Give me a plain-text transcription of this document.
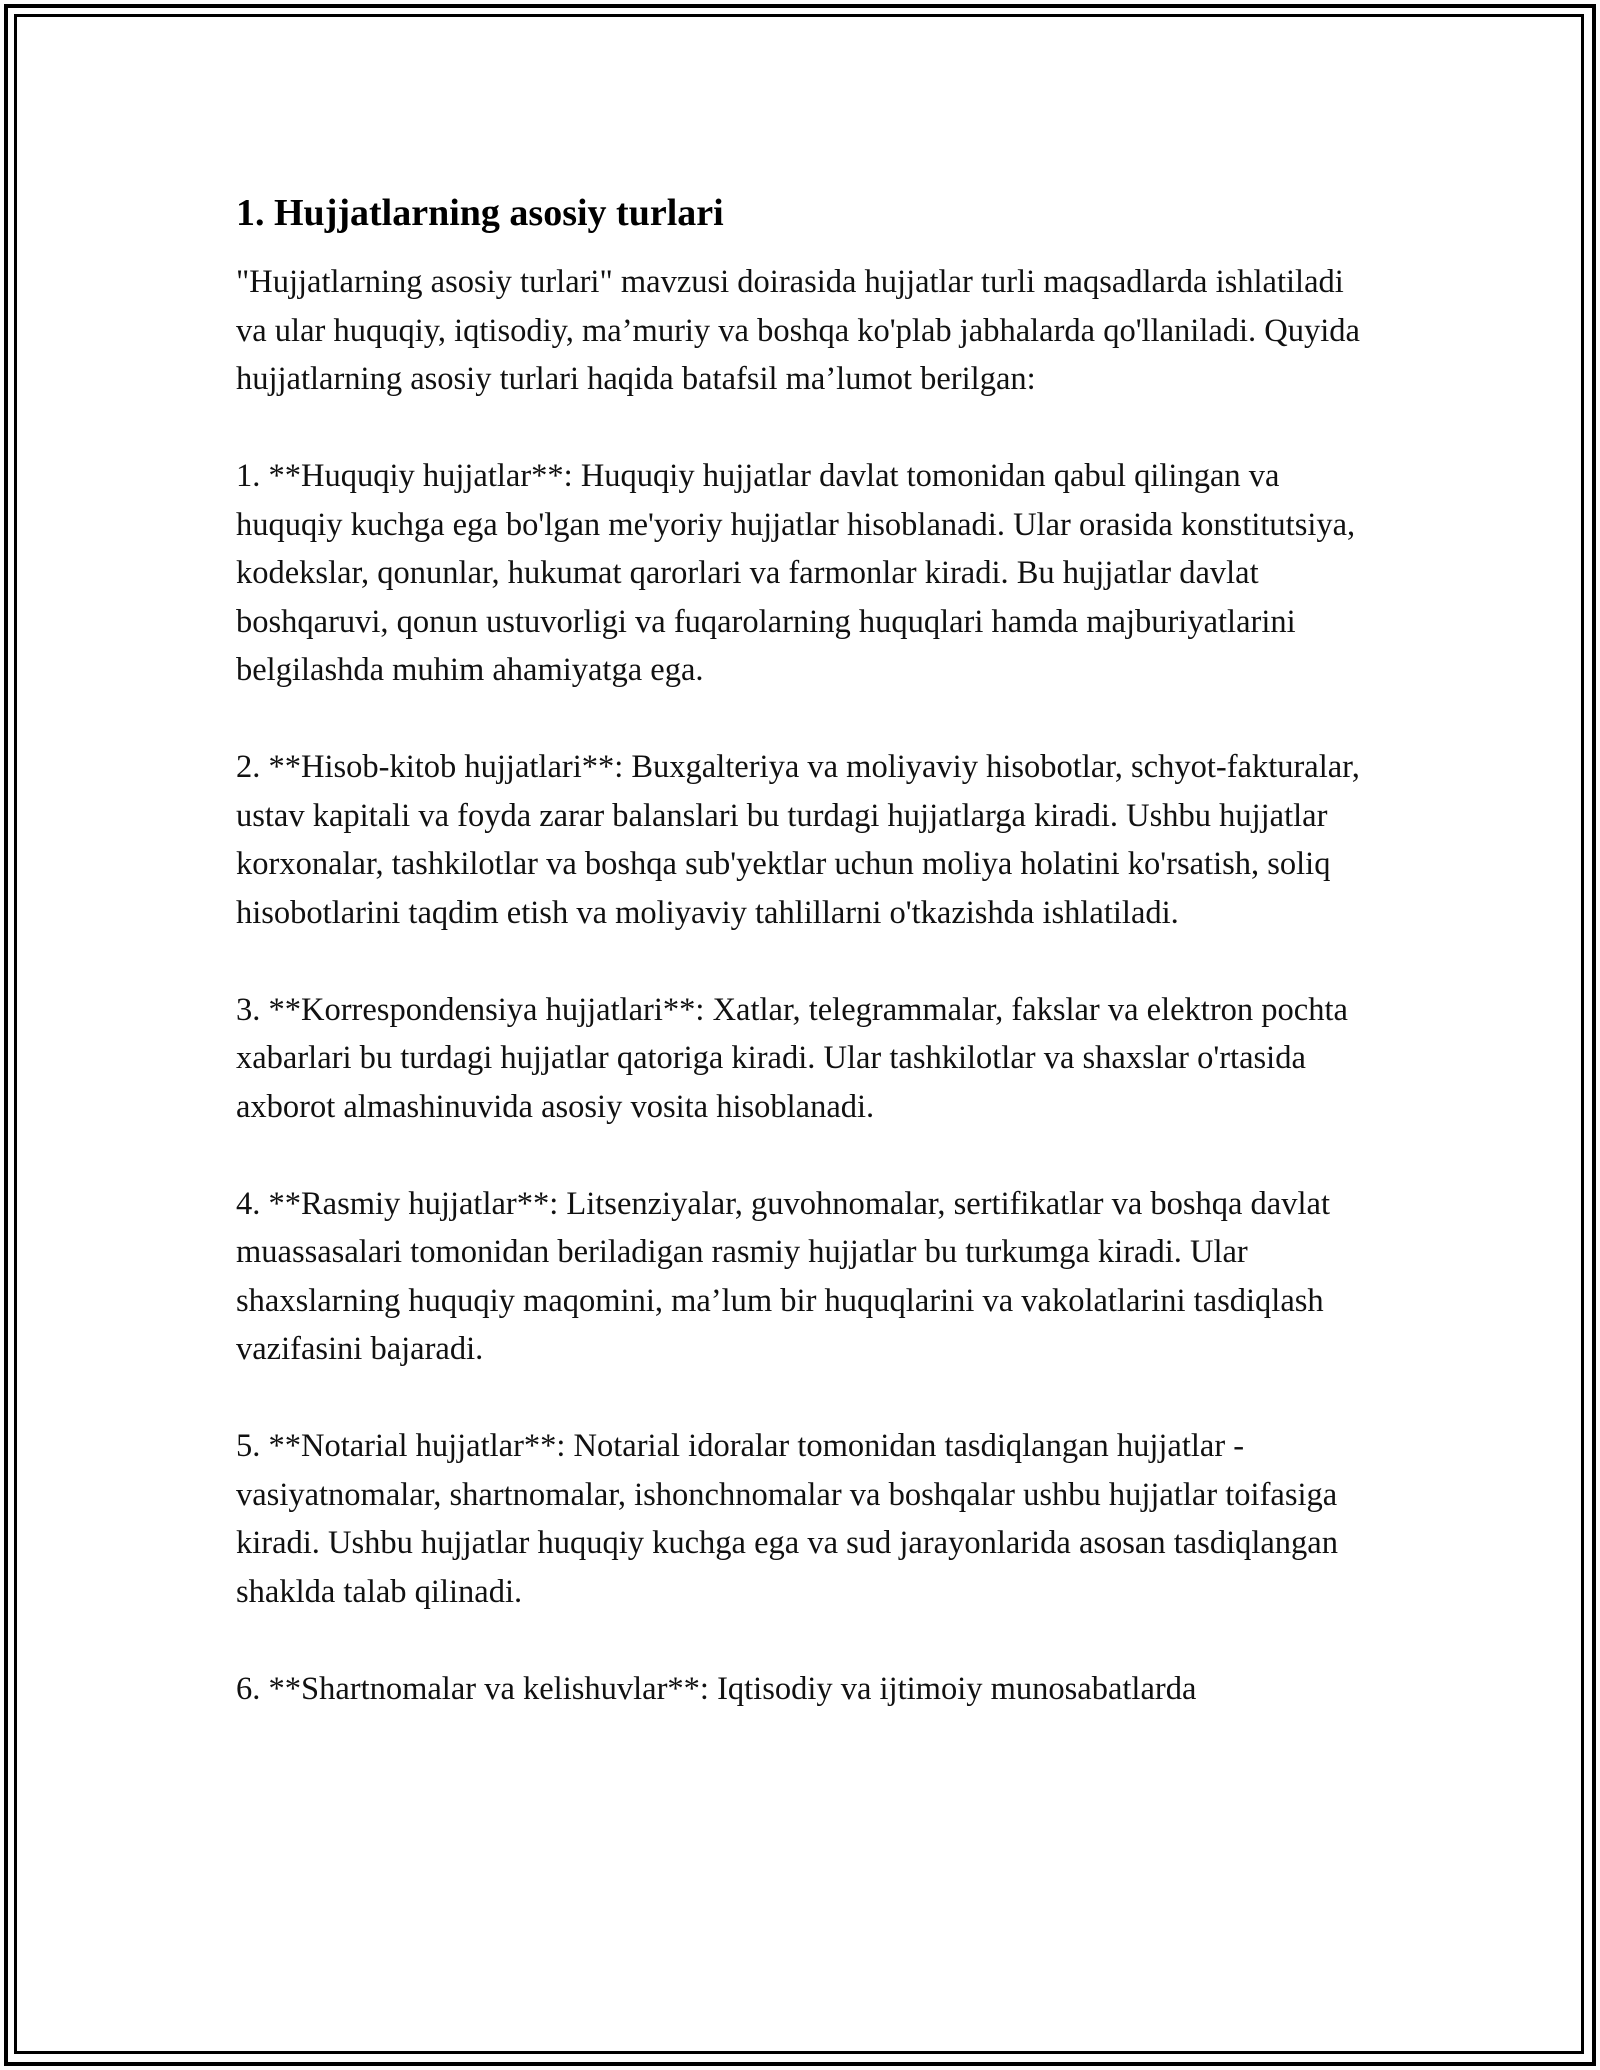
1. Hujjatlarning asosiy turlari

"Hujjatlarning asosiy turlari" mavzusi doirasida hujjatlar turli maqsadlarda ishlatiladi va ular huquqiy, iqtisodiy, ma’muriy va boshqa ko'plab jabhalarda qo'llaniladi. Quyida hujjatlarning asosiy turlari haqida batafsil ma’lumot berilgan:

1. **Huquqiy hujjatlar**: Huquqiy hujjatlar davlat tomonidan qabul qilingan va huquqiy kuchga ega bo'lgan me'yoriy hujjatlar hisoblanadi. Ular orasida konstitutsiya, kodekslar, qonunlar, hukumat qarorlari va farmonlar kiradi. Bu hujjatlar davlat boshqaruvi, qonun ustuvorligi va fuqarolarning huquqlari hamda majburiyatlarini belgilashda muhim ahamiyatga ega.

2. **Hisob-kitob hujjatlari**: Buxgalteriya va moliyaviy hisobotlar, schyot-fakturalar, ustav kapitali va foyda zarar balanslari bu turdagi hujjatlarga kiradi. Ushbu hujjatlar korxonalar, tashkilotlar va boshqa sub'yektlar uchun moliya holatini ko'rsatish, soliq hisobotlarini taqdim etish va moliyaviy tahlillarni o'tkazishda ishlatiladi.

3. **Korrespondensiya hujjatlari**: Xatlar, telegrammalar, fakslar va elektron pochta xabarlari bu turdagi hujjatlar qatoriga kiradi. Ular tashkilotlar va shaxslar o'rtasida axborot almashinuvida asosiy vosita hisoblanadi.

4. **Rasmiy hujjatlar**: Litsenziyalar, guvohnomalar, sertifikatlar va boshqa davlat muassasalari tomonidan beriladigan rasmiy hujjatlar bu turkumga kiradi. Ular shaxslarning huquqiy maqomini, ma’lum bir huquqlarini va vakolatlarini tasdiqlash vazifasini bajaradi.

5. **Notarial hujjatlar**: Notarial idoralar tomonidan tasdiqlangan hujjatlar - vasiyatnomalar, shartnomalar, ishonchnomalar va boshqalar ushbu hujjatlar toifasiga kiradi. Ushbu hujjatlar huquqiy kuchga ega va sud jarayonlarida asosan tasdiqlangan shaklda talab qilinadi.

6. **Shartnomalar va kelishuvlar**: Iqtisodiy va ijtimoiy munosabatlarda
